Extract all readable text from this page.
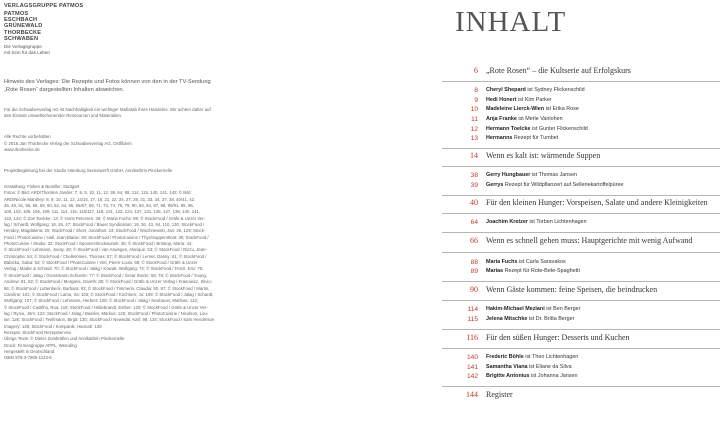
VERLAGSGRUPPE PATMOS
PATMOS
ESCHBACH
GRÜNEWALD
THORBECKE
SCHWABEN
Die Verlagsgruppe
mit Sinn für das Leben
Hinweis des Verlages: Die Rezepte und Fotos können von den in der TV-Sendung
„Rote Rosen“ dargestellten Inhalten abweichen.
Für die Schwabenverlag AG ist Nachhaltigkeit ein wichtiger Maßstab ihres Handelns. Wir achten daher auf
den Einsatz umweltschonender Ressourcen und Materialien.
Alle Rechte vorbehalten
© 2016 Jan Thorbecke Verlag der Schwabenverlag AG, Ostfildern
www.thorbecke.de
Projektbegleitung bei der Studio Hamburg Serienwerft GmbH, Annikathrin Pinckernelle
Gestaltung: Finken & Bumiller, Stuttgart
Fotos: © Bild: ARD/Thorsten Jander: 7, 8, 9, 10, 11, 12, 38, 64, 88, 114, 115, 140, 141, 142; © Bild:
ARD/Nicole Manthey: 8, 9, 10, 11, 12, 14/15, 17, 18, 21, 22, 24, 27, 28, 31, 33, 34, 37, 38, 40/41, 42,
46, 49, 51, 55, 56, 59, 60, 62, 64, 65, 66/67, 69, 71, 73, 74, 76, 79, 80, 83, 84, 87, 88, 90/91, 95, 96,
100, 102, 105, 106, 109, 111, 114, 115, 116/117, 118, 121, 123, 124, 127, 131, 135, 137, 138, 140, 141,
142, 143; © Zoë Toelcke: 13; © Horst Petersen: 39; © Maria Fuchs: 89; © StockFood / Gräfe & Unzer Ver-
lag / Schardt, Wolfgang: 16, 26, 47; StockFood / Bauer Syndication: 19, 36, 43, 94, 110, 130; StockFood /
Hendey, Magdalena: 20; StockFood / Short, Jonathan: 23; StockFood / Wischnewski, Jan: 25, 129; Stock-
Food / PhotoCuisine / Hall, Jean-Blaise: 29; StockFood / PhotoCuisine / Thys/Supperstinat: 30; StockFood /
PhotoCuisine / Studio: 32; StockFood / SpoonerStockwonek: 35; © StockFood / Brinkop, Maria: 44;
© StockFood / Lehmann, Joerg: 48; © StockFood / van Aswegen, Alarique: 53; © StockFood / Rizzu, Jean-
Christophe: 54; © StockFood / Chellemmes, Thomas: 57; © StockFood / Lerner, Danny: 61; © StockFood /
Babicka, Gaba: 63; © StockFood / PhotoCuisine / Viel, Pierre-Louis: 68; © StockFood / Gräfe & Unzer
Verlag / Mader & Schmid: 70; © StockFood / Jalag / Kowalt, Wolfgang: 72; © StockFood / Fenzl, Eric: 75;
© StockFood / Jalag / Grossmann.Schuerle: 77; © StockFood / Great Stock!: 58, 78; © StockFood / Young,
Andrew: 81, 82; © StockFood / Morgans, Gareth: 85; © StockFood / Gräfe & Unzer Verlag / Krasowicz, Silvio:
86; © StockFood / Luttenbeck, Barbara: 93; © StockFood / Timmerin, Claudia: 50, 97; © StockFood / Martin,
Caroline: 101; © StockFood / Lamu, Ira: 103; © StockFood / Kirchherr, Jo: 108; © StockFood / Jalag / Schardt,
Wolfgang: 107; © StockFood / Lehmann, Herbert: 108; © StockFood / Jalag / Neubauer, Mathias: 113;
© StockFood / Castilho, Rua: 119; StockFood / Hildebrandt, Esther: 120; © StockFood / Gräfe & Unzer Ver-
lag / Rynio, Jörn: 122; StockFood / Jalag / Bassler, Markus: 125; StockFood / PhotoCuisine / Nicolson, Lou-
ise: 126; StockFood / Teellmann, Birgit: 130; StockFood / Newedal, Karl: 98, 134; StockFood / Sam Henderson
Imagery: 136; StockFood / Kompanik, Hannah: 139
Rezepte: StockFood Rezeptservice
Übrige Texte: © Dieter Zumbrällen und Annikathrin Pinckernelle
Druck: Firmengruppe APPL, Wemding
Hergestellt in Deutschland
ISBN 978-3-7995-1143-6
INHALT
6 „Rote Rosen“ – die Kultserie auf Erfolgskurs
8 Cheryl Shepard ist Sydney Flickenschild
9 Hedi Honert ist Kim Parker
10 Madeleine Lierck-Wien ist Erika Rose
11 Anja Franke ist Merle Vanlohen
12 Hermann Toelcke ist Gunter Flickenschild
13 Hermanns Rezept für Tumbet
14 Wenn es kalt ist: wärmende Suppen
38 Gerry Hungbauer ist Thomas Jansen
39 Gerrys Rezept für Wildpflanzerl auf Selleriekartoffelpüree
40 Für den kleinen Hunger: Vorspeisen, Salate und andere Kleinigkeiten
64 Joachim Kretzer ist Torben Lichtenhagen
66 Wenn es schnell gehen muss: Hauptgerichte mit wenig Aufwand
88 Maria Fuchs ist Carla Saravakos
89 Marias Rezept für Rote-Bete-Spaghetti
90 Wenn Gäste kommen: feine Speisen, die beindrucken
114 Hakim-Michael Meziani ist Ben Berger
115 Jelena Mitschke ist Dr. Britta Berger
116 Für den süßen Hunger: Desserts und Kuchen
140 Frederic Böhle ist Theo Lichtenhagen
141 Samantha Viana ist Eliane da Silva
142 Brigitte Antonius ist Johanna Jansen
144 Register
